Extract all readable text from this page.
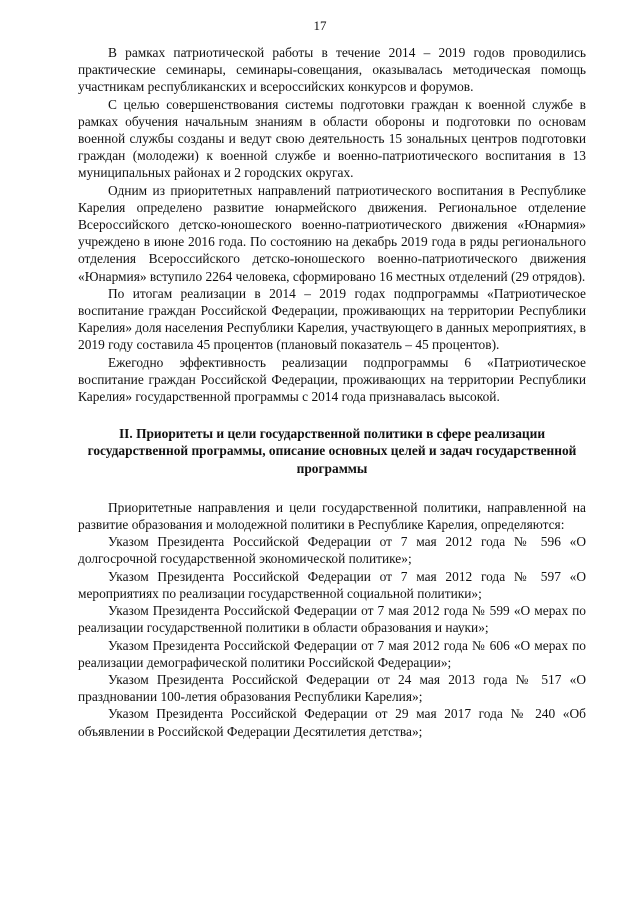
17

В рамках патриотической работы в течение 2014 – 2019 годов проводились практические семинары, семинары-совещания, оказывалась методическая помощь участникам республиканских и всероссийских конкурсов и форумов.

С целью совершенствования системы подготовки граждан к военной службе в рамках обучения начальным знаниям в области обороны и подготовки по основам военной службы созданы и ведут свою деятельность 15 зональных центров подготовки граждан (молодежи) к военной службе и военно-патриотического воспитания в 13 муниципальных районах и 2 городских округах.

Одним из приоритетных направлений патриотического воспитания в Республике Карелия определено развитие юнармейского движения. Региональное отделение Всероссийского детско-юношеского военно-патриотического движения «Юнармия» учреждено в июне 2016 года. По состоянию на декабрь 2019 года в ряды регионального отделения Всероссийского детско-юношеского военно-патриотического движения «Юнармия» вступило 2264 человека, сформировано 16 местных отделений (29 отрядов).

По итогам реализации в 2014 – 2019 годах подпрограммы «Патриотическое воспитание граждан Российской Федерации, проживающих на территории Республики Карелия» доля населения Республики Карелия, участвующего в данных мероприятиях, в 2019 году составила 45 процентов (плановый показатель – 45 процентов).

Ежегодно эффективность реализации подпрограммы 6 «Патриотическое воспитание граждан Российской Федерации, проживающих на территории Республики Карелия» государственной программы с 2014 года признавалась высокой.

II. Приоритеты и цели государственной политики в сфере реализации государственной программы, описание основных целей и задач государственной программы

Приоритетные направления и цели государственной политики, направленной на развитие образования и молодежной политики в Республике Карелия, определяются:

Указом Президента Российской Федерации от 7 мая 2012 года № 596 «О долгосрочной государственной экономической политике»;

Указом Президента Российской Федерации от 7 мая 2012 года № 597 «О мероприятиях по реализации государственной социальной политики»;

Указом Президента Российской Федерации от 7 мая 2012 года № 599 «О мерах по реализации государственной политики в области образования и науки»;

Указом Президента Российской Федерации от 7 мая 2012 года № 606 «О мерах по реализации демографической политики Российской Федерации»;

Указом Президента Российской Федерации от 24 мая 2013 года № 517 «О праздновании 100-летия образования Республики Карелия»;

Указом Президента Российской Федерации от 29 мая 2017 года № 240 «Об объявлении в Российской Федерации Десятилетия детства»;
